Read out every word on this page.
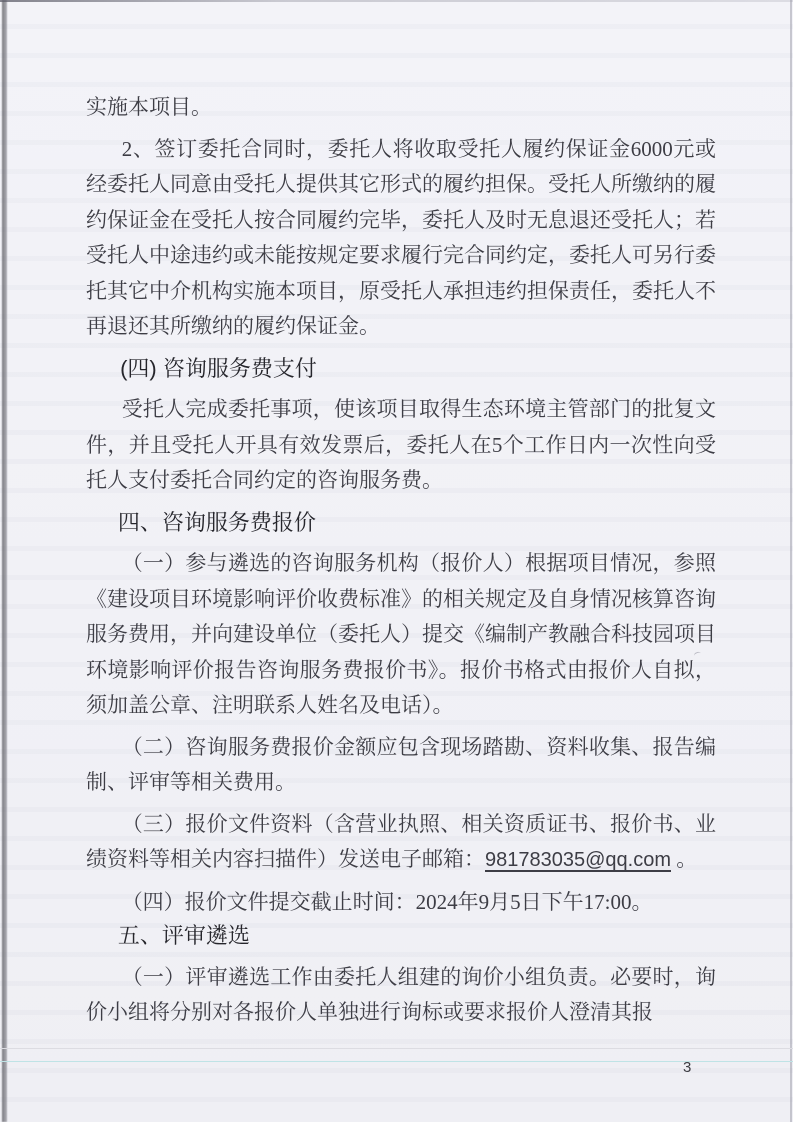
实施本项目。

2、签订委托合同时，委托人将收取受托人履约保证金6000元或经委托人同意由受托人提供其它形式的履约担保。受托人所缴纳的履约保证金在受托人按合同履约完毕，委托人及时无息退还受托人；若受托人中途违约或未能按规定要求履行完合同约定，委托人可另行委托其它中介机构实施本项目，原受托人承担违约担保责任，委托人不再退还其所缴纳的履约保证金。

(四) 咨询服务费支付

受托人完成委托事项，使该项目取得生态环境主管部门的批复文件，并且受托人开具有效发票后，委托人在5个工作日内一次性向受托人支付委托合同约定的咨询服务费。

四、咨询服务费报价

（一）参与遴选的咨询服务机构（报价人）根据项目情况，参照《建设项目环境影响评价收费标准》的相关规定及自身情况核算咨询服务费用，并向建设单位（委托人）提交《编制产教融合科技园项目环境影响评价报告咨询服务费报价书》。报价书格式由报价人自拟，须加盖公章、注明联系人姓名及电话）。

（二）咨询服务费报价金额应包含现场踏勘、资料收集、报告编制、评审等相关费用。

（三）报价文件资料（含营业执照、相关资质证书、报价书、业绩资料等相关内容扫描件）发送电子邮箱：981783035@qq.com 。

（四）报价文件提交截止时间：2024年9月5日下午17:00。

五、评审遴选

（一）评审遴选工作由委托人组建的询价小组负责。必要时，询价小组将分别对各报价人单独进行询标或要求报价人澄清其报

3
